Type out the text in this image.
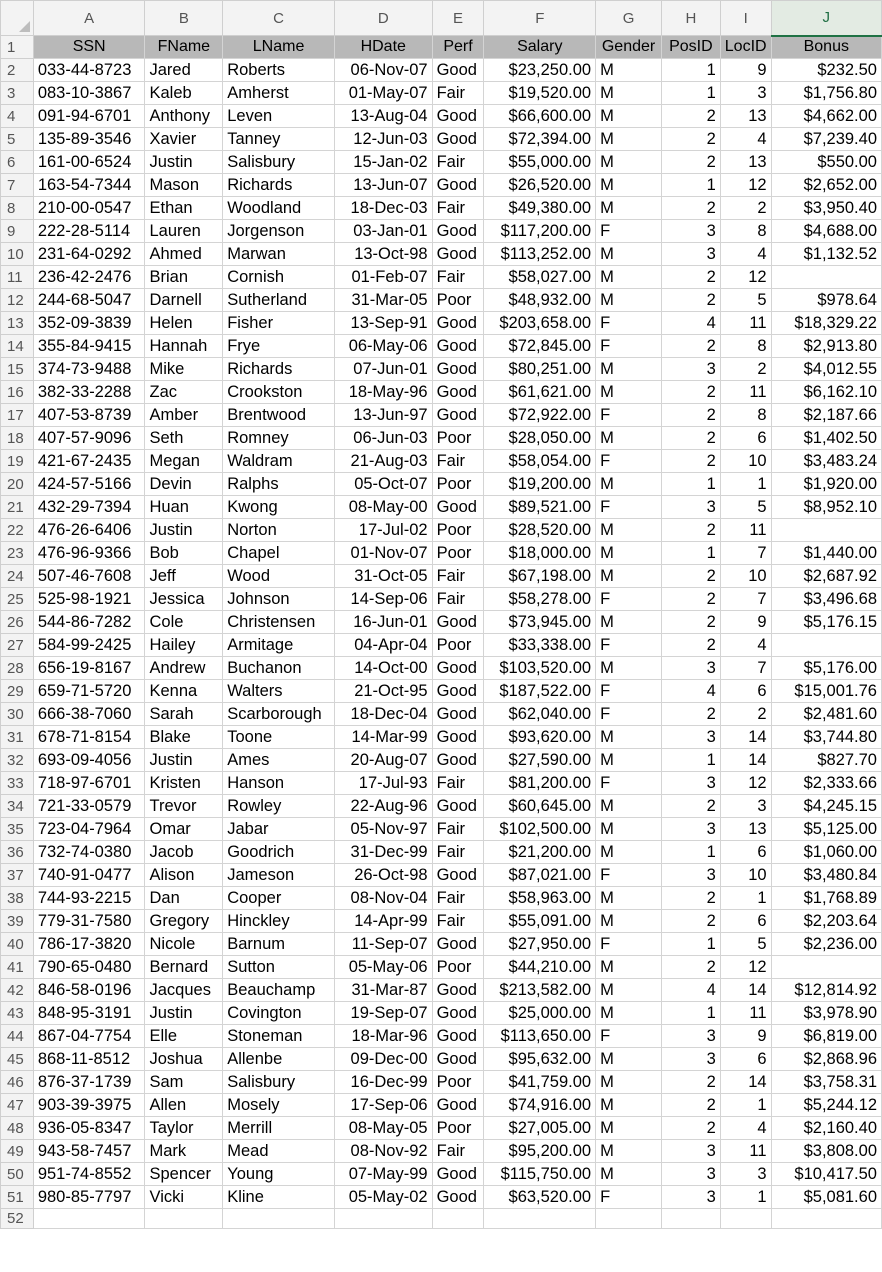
	A	B	C	D	E	F	G	H	I	J
1	SSN	FName	LName	HDate	Perf	Salary	Gender	PosID	LocID	Bonus
2	033-44-8723	Jared	Roberts	06-Nov-07	Good	$23,250.00	M	1	9	$232.50
3	083-10-3867	Kaleb	Amherst	01-May-07	Fair	$19,520.00	M	1	3	$1,756.80
4	091-94-6701	Anthony	Leven	13-Aug-04	Good	$66,600.00	M	2	13	$4,662.00
5	135-89-3546	Xavier	Tanney	12-Jun-03	Good	$72,394.00	M	2	4	$7,239.40
6	161-00-6524	Justin	Salisbury	15-Jan-02	Fair	$55,000.00	M	2	13	$550.00
7	163-54-7344	Mason	Richards	13-Jun-07	Good	$26,520.00	M	1	12	$2,652.00
8	210-00-0547	Ethan	Woodland	18-Dec-03	Fair	$49,380.00	M	2	2	$3,950.40
9	222-28-5114	Lauren	Jorgenson	03-Jan-01	Good	$117,200.00	F	3	8	$4,688.00
10	231-64-0292	Ahmed	Marwan	13-Oct-98	Good	$113,252.00	M	3	4	$1,132.52
11	236-42-2476	Brian	Cornish	01-Feb-07	Fair	$58,027.00	M	2	12	
12	244-68-5047	Darnell	Sutherland	31-Mar-05	Poor	$48,932.00	M	2	5	$978.64
13	352-09-3839	Helen	Fisher	13-Sep-91	Good	$203,658.00	F	4	11	$18,329.22
14	355-84-9415	Hannah	Frye	06-May-06	Good	$72,845.00	F	2	8	$2,913.80
15	374-73-9488	Mike	Richards	07-Jun-01	Good	$80,251.00	M	3	2	$4,012.55
16	382-33-2288	Zac	Crookston	18-May-96	Good	$61,621.00	M	2	11	$6,162.10
17	407-53-8739	Amber	Brentwood	13-Jun-97	Good	$72,922.00	F	2	8	$2,187.66
18	407-57-9096	Seth	Romney	06-Jun-03	Poor	$28,050.00	M	2	6	$1,402.50
19	421-67-2435	Megan	Waldram	21-Aug-03	Fair	$58,054.00	F	2	10	$3,483.24
20	424-57-5166	Devin	Ralphs	05-Oct-07	Poor	$19,200.00	M	1	1	$1,920.00
21	432-29-7394	Huan	Kwong	08-May-00	Good	$89,521.00	F	3	5	$8,952.10
22	476-26-6406	Justin	Norton	17-Jul-02	Poor	$28,520.00	M	2	11	
23	476-96-9366	Bob	Chapel	01-Nov-07	Poor	$18,000.00	M	1	7	$1,440.00
24	507-46-7608	Jeff	Wood	31-Oct-05	Fair	$67,198.00	M	2	10	$2,687.92
25	525-98-1921	Jessica	Johnson	14-Sep-06	Fair	$58,278.00	F	2	7	$3,496.68
26	544-86-7282	Cole	Christensen	16-Jun-01	Good	$73,945.00	M	2	9	$5,176.15
27	584-99-2425	Hailey	Armitage	04-Apr-04	Poor	$33,338.00	F	2	4	
28	656-19-8167	Andrew	Buchanon	14-Oct-00	Good	$103,520.00	M	3	7	$5,176.00
29	659-71-5720	Kenna	Walters	21-Oct-95	Good	$187,522.00	F	4	6	$15,001.76
30	666-38-7060	Sarah	Scarborough	18-Dec-04	Good	$62,040.00	F	2	2	$2,481.60
31	678-71-8154	Blake	Toone	14-Mar-99	Good	$93,620.00	M	3	14	$3,744.80
32	693-09-4056	Justin	Ames	20-Aug-07	Good	$27,590.00	M	1	14	$827.70
33	718-97-6701	Kristen	Hanson	17-Jul-93	Fair	$81,200.00	F	3	12	$2,333.66
34	721-33-0579	Trevor	Rowley	22-Aug-96	Good	$60,645.00	M	2	3	$4,245.15
35	723-04-7964	Omar	Jabar	05-Nov-97	Fair	$102,500.00	M	3	13	$5,125.00
36	732-74-0380	Jacob	Goodrich	31-Dec-99	Fair	$21,200.00	M	1	6	$1,060.00
37	740-91-0477	Alison	Jameson	26-Oct-98	Good	$87,021.00	F	3	10	$3,480.84
38	744-93-2215	Dan	Cooper	08-Nov-04	Fair	$58,963.00	M	2	1	$1,768.89
39	779-31-7580	Gregory	Hinckley	14-Apr-99	Fair	$55,091.00	M	2	6	$2,203.64
40	786-17-3820	Nicole	Barnum	11-Sep-07	Good	$27,950.00	F	1	5	$2,236.00
41	790-65-0480	Bernard	Sutton	05-May-06	Poor	$44,210.00	M	2	12	
42	846-58-0196	Jacques	Beauchamp	31-Mar-87	Good	$213,582.00	M	4	14	$12,814.92
43	848-95-3191	Justin	Covington	19-Sep-07	Good	$25,000.00	M	1	11	$3,978.90
44	867-04-7754	Elle	Stoneman	18-Mar-96	Good	$113,650.00	F	3	9	$6,819.00
45	868-11-8512	Joshua	Allenbe	09-Dec-00	Good	$95,632.00	M	3	6	$2,868.96
46	876-37-1739	Sam	Salisbury	16-Dec-99	Poor	$41,759.00	M	2	14	$3,758.31
47	903-39-3975	Allen	Mosely	17-Sep-06	Good	$74,916.00	M	2	1	$5,244.12
48	936-05-8347	Taylor	Merrill	08-May-05	Poor	$27,005.00	M	2	4	$2,160.40
49	943-58-7457	Mark	Mead	08-Nov-92	Fair	$95,200.00	M	3	11	$3,808.00
50	951-74-8552	Spencer	Young	07-May-99	Good	$115,750.00	M	3	3	$10,417.50
51	980-85-7797	Vicki	Kline	05-May-02	Good	$63,520.00	F	3	1	$5,081.60
52										
